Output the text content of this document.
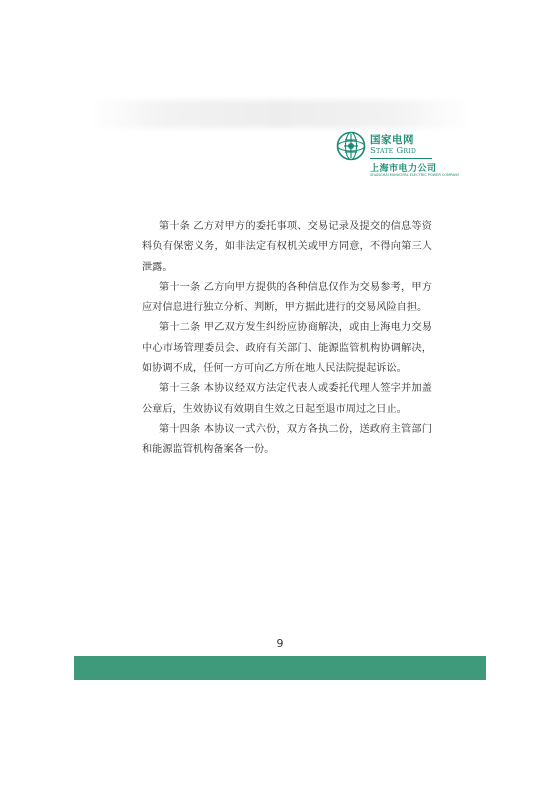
国家电网
State Grid
上海市电力公司
SHANGHAI MUNICIPAL ELECTRIC POWER COMPANY

第十条 乙方对甲方的委托事项、交易记录及提交的信息等资料负有保密义务，如非法定有权机关或甲方同意，不得向第三人泄露。

第十一条 乙方向甲方提供的各种信息仅作为交易参考，甲方应对信息进行独立分析、判断，甲方据此进行的交易风险自担。

第十二条 甲乙双方发生纠纷应协商解决，或由上海电力交易中心市场管理委员会、政府有关部门、能源监管机构协调解决，如协调不成，任何一方可向乙方所在地人民法院提起诉讼。

第十三条 本协议经双方法定代表人或委托代理人签字并加盖公章后，生效协议有效期自生效之日起至退市周过之日止。

第十四条 本协议一式六份，双方各执二份，送政府主管部门和能源监管机构备案各一份。

9
